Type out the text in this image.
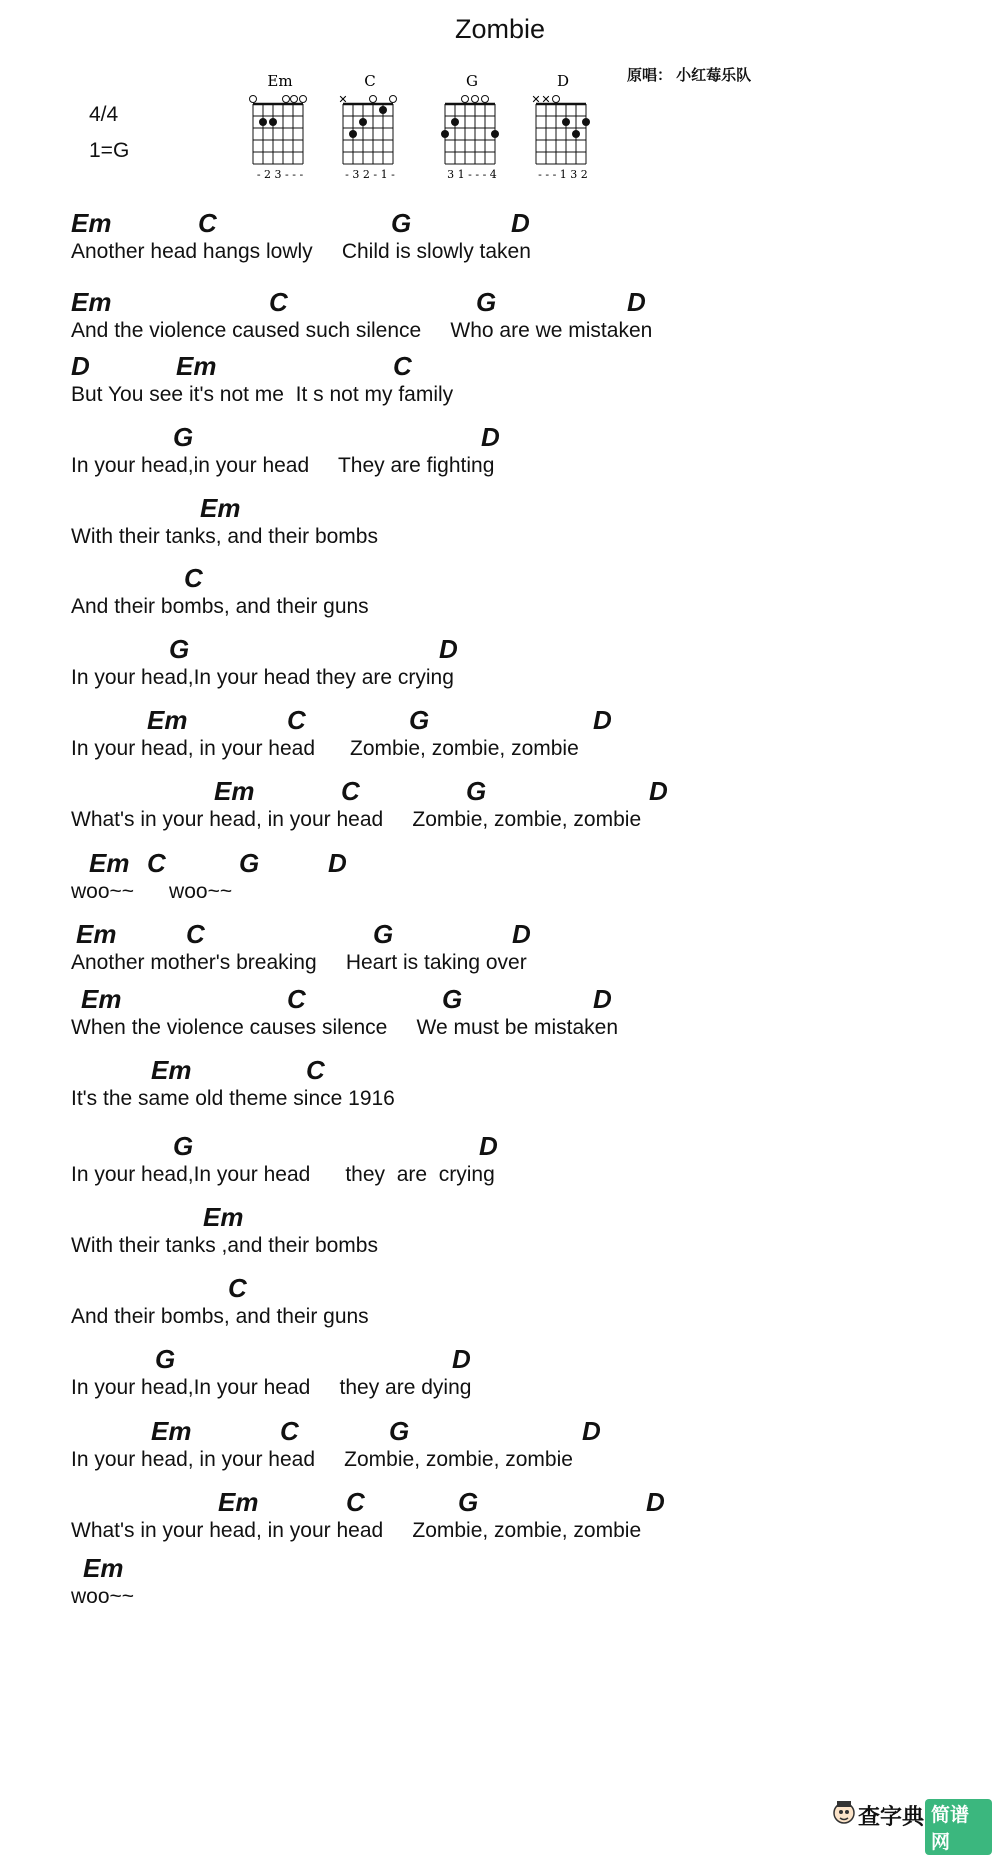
Zombie
4/4
1=G
原唱： 小红莓乐队
Em
- 2 3 - - -
C
✕
- 3 2 - 1 -
G
3 1 - - - 4
D
✕ ✕
- - - 1 3 2
Em	C	G	D
Another head hangs lowly     Child is slowly taken
Em	C	G	D
And the violence caused such silence     Who are we mistaken
D	Em	C
But You see it's not me  It s not my family
G	D
In your head,in your head     They are fighting
Em
With their tanks, and their bombs
C
And their bombs, and their guns
G	D
In your head,In your head they are crying
Em	C	G	D
In your head, in your head      Zombie, zombie, zombie
Em	C	G	D
What's in your head, in your head     Zombie, zombie, zombie
Em C	G	D
woo~~      woo~~
Em	C	G	D
Another mother's breaking     Heart is taking over
Em	C	G	D
When the violence causes silence     We must be mistaken
Em	C
It's the same old theme since 1916
G	D
In your head,In your head      they  are  crying
Em
With their tanks ,and their bombs
C
And their bombs, and their guns
G	D
In your head,In your head     they are dying
Em	C	G	D
In your head, in your head     Zombie, zombie, zombie
Em	C	G	D
What's in your head, in your head     Zombie, zombie, zombie
Em
woo~~
查字典 简谱网
